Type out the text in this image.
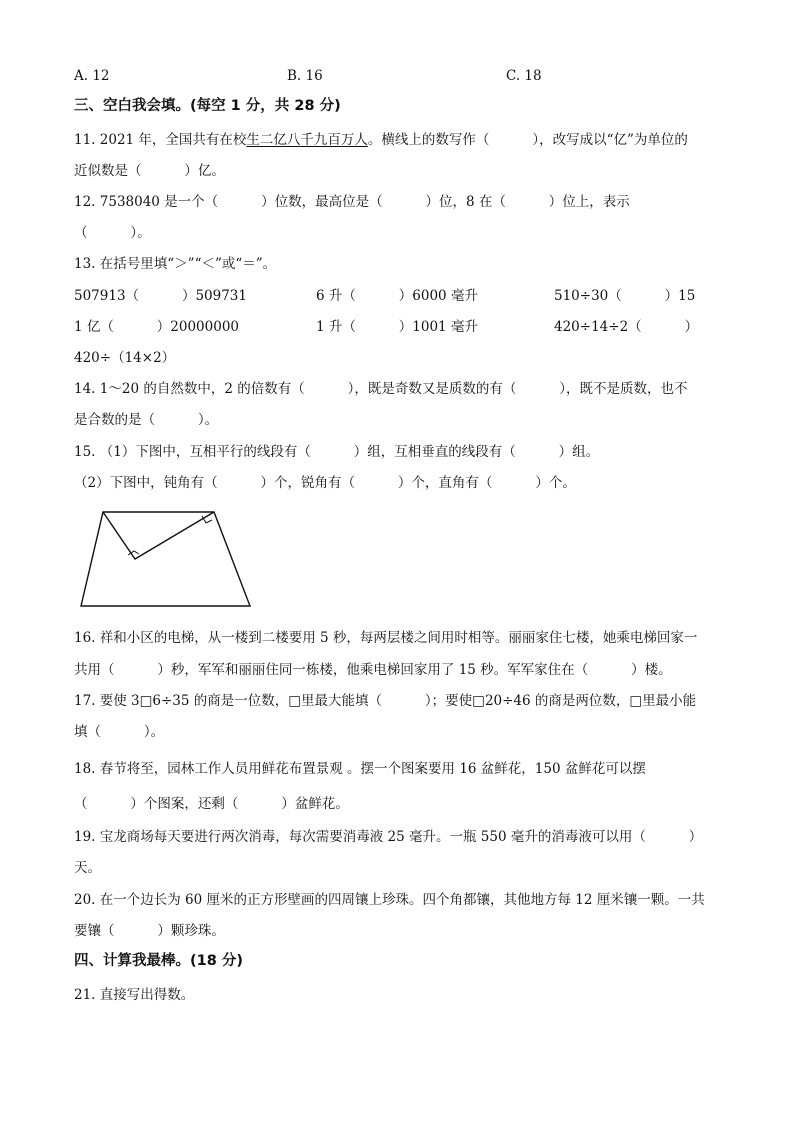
A. 12	B. 16	C. 18
三、空白我会填。(每空 1 分，共 28 分)
11. 2021 年，全国共有在校生二亿八千九百万人。横线上的数写作（          ），改写成以“亿”为单位的
近似数是（          ）亿。
12. 7538040 是一个（          ）位数，最高位是（          ）位，8 在（          ）位上，表示
（          ）。
13. 在括号里填“＞”“＜”或“＝”。
507913（          ）509731	6 升（          ）6000 毫升	510÷30（          ）15
1 亿（          ）20000000	1 升（          ）1001 毫升	420÷14÷2（          ）
420÷（14×2）
14. 1～20 的自然数中，2 的倍数有（          ），既是奇数又是质数的有（          ），既不是质数，也不
是合数的是（          ）。
15. （1）下图中，互相平行的线段有（          ）组，互相垂直的线段有（          ）组。
（2）下图中，钝角有（          ）个，锐角有（          ）个，直角有（          ）个。
16. 祥和小区的电梯，从一楼到二楼要用 5 秒，每两层楼之间用时相等。丽丽家住七楼，她乘电梯回家一
共用（          ）秒，军军和丽丽住同一栋楼，他乘电梯回家用了 15 秒。军军家住在（          ）楼。
17. 要使 3□6÷35 的商是一位数，□里最大能填（          ）；要使□20÷46 的商是两位数，□里最小能
填（          ）。
18. 春节将至，园林工作人员用鲜花布置景观 。摆一个图案要用 16 盆鲜花，150 盆鲜花可以摆
（          ）个图案，还剩（          ）盆鲜花。
19. 宝龙商场每天要进行两次消毒，每次需要消毒液 25 毫升。一瓶 550 毫升的消毒液可以用（          ）
天。
20. 在一个边长为 60 厘米的正方形壁画的四周镶上珍珠。四个角都镶，其他地方每 12 厘米镶一颗。一共
要镶（          ）颗珍珠。
四、计算我最棒。(18 分)
21. 直接写出得数。
